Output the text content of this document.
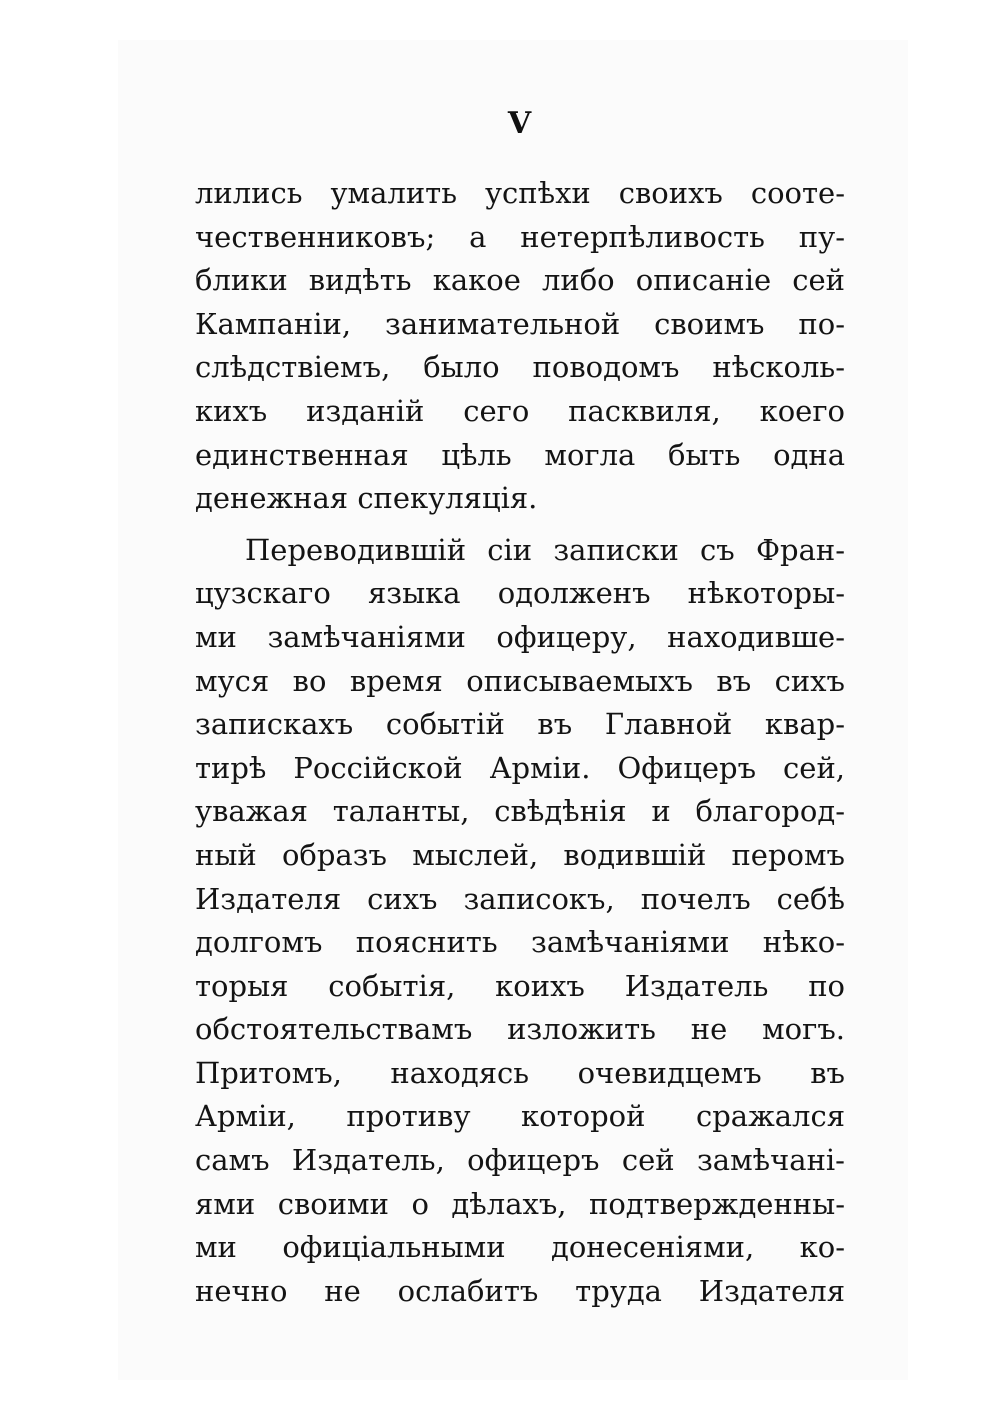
V
лились умалить успѣхи своихъ соотe-
чественниковъ; а нетерпѣливость пу-
блики видѣть какое либо описаніе сей
Кампаніи, занимательной своимъ по-
слѣдствіемъ, было поводомъ нѣсколь-
кихъ изданій сего пасквиля, коего
единственная цѣль могла быть одна
денежная спекуляція.
Переводившій сіи записки съ Фран-
цузскаго языка одолженъ нѣкоторы-
ми замѣчаніями офицеру, находивше-
муся во время описываемыхъ въ сихъ
запискахъ событій въ Главной квар-
тирѣ Россійской Арміи. Офицеръ сей,
уважая таланты, свѣдѣнія и благород-
ный образъ мыслей, водившій перомъ
Издателя сихъ записокъ, почелъ себѣ
долгомъ пояснить замѣчаніями нѣко-
торыя событія, коихъ Издатель по
обстоятельствамъ изложить не могъ.
Притомъ, находясь очевидцемъ въ
Арміи, противу которой сражался
самъ Издатель, офицеръ сей замѣчані-
ями своими о дѣлахъ, подтвержденны-
ми офиціальными донесеніями, ко-
нечно не ослабитъ труда Издателя
